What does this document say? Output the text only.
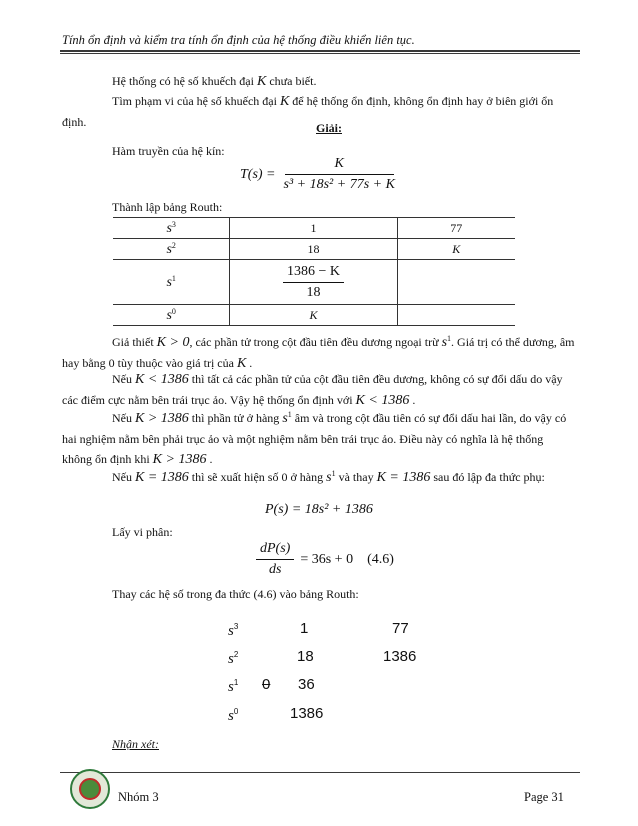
Tính ổn định và kiểm tra tính ổn định của hệ thống điều khiển liên tục.
Hệ thống có hệ số khuếch đại K chưa biết.
Tìm phạm vi của hệ số khuếch đại K để hệ thống ổn định, không ổn định hay ở biên giới ổn định.	Giải:
Hàm truyền của hệ kín:
$T(s) = \frac{K}{\text{s³ + 18s² + 77s + K}}$
Thành lập bảng Routh:
$s^3$	1	77
$s^2$	18	K
$s^1$	$\frac{1386 - K}{18}$

$s^0$	K	
Giả thiết K > 0, các phần tử trong cột đầu tiên đều dương ngoại trừ $s^1$. Giá trị có thể dương, âm hay bằng 0 tùy thuộc vào giá trị của K .
Nếu K < 1386 thì tất cả các phần tử của cột đầu tiên đều dương, không có sự đổi dấu do vậy các điểm cực nằm bên trái trục ảo. Vậy hệ thống ổn định với K < 1386 .
Nếu K > 1386 thì phần tử ở hàng $s^1$ âm và trong cột đầu tiên có sự đổi dấu hai lần, do vậy có hai nghiệm nằm bên phải trục ảo và một nghiệm nằm bên trái trục ảo. Điều này có nghĩa là hệ thống không ổn định khi K > 1386 .
Nếu K = 1386 thì sẽ xuất hiện số 0 ở hàng $s^1$ và thay K = 1386 sau đó lập đa thức phụ:
P(s) = 18s² + 1386
Lấy vi phân:
$\frac{dP(s)}{ds} = 36s + 0$ (4.6)
Thay các hệ số trong đa thức (4.6) vào bảng Routh:
$s^3$	1	77
$s^2$	18	1386
$s^1$ 0 36
$s^0$	1386
Nhận xét:
Nhóm 3	Page 31
